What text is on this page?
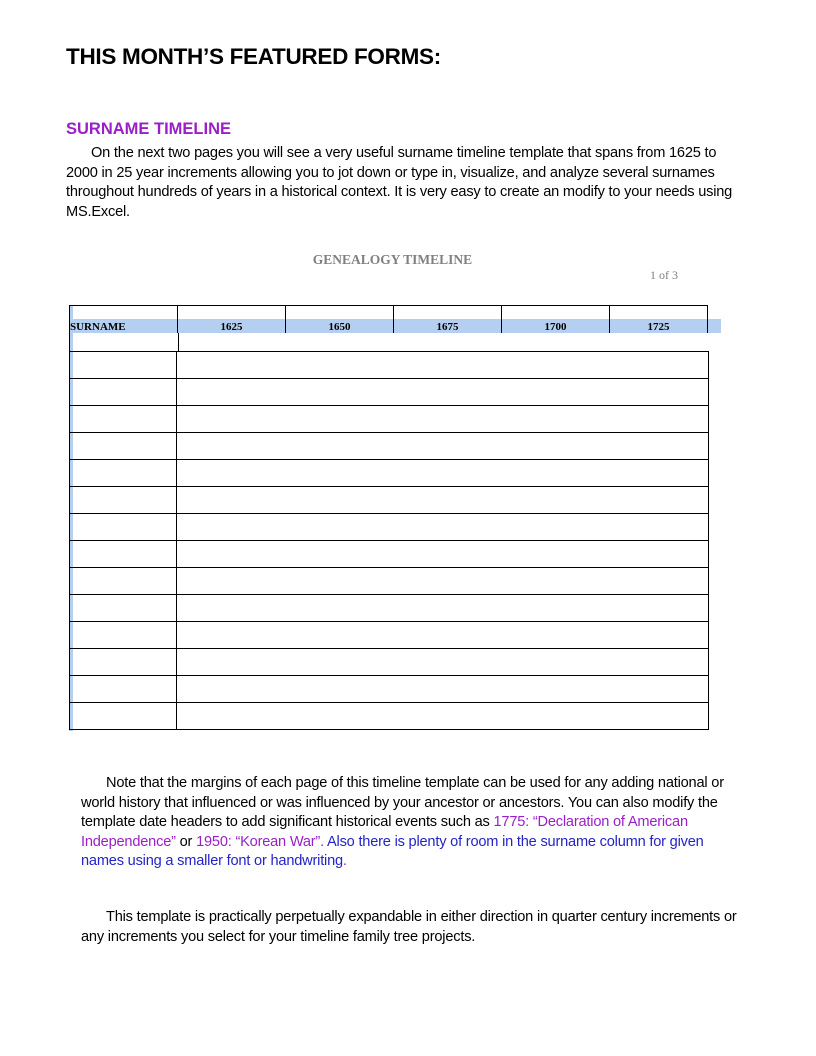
THIS MONTH’S FEATURED FORMS:
SURNAME TIMELINE

On the next two pages you will see a very useful surname timeline template that spans from 1625 to 2000 in 25 year increments allowing you to jot down or type in, visualize, and analyze several surnames throughout hundreds of years in a historical context. It is very easy to create an modify to your needs using MS.Excel.

GENEALOGY TIMELINE
1 of 3
SURNAME	1625	1650	1675	1700	1725

Note that the margins of each page of this timeline template can be used for any adding national or world history that influenced or was influenced by your ancestor or ancestors. You can also modify the template date headers to add significant historical events such as 1775: “Declaration of American Independence” or 1950: “Korean War”. Also there is plenty of room in the surname column for given names using a smaller font or handwriting.

This template is practically perpetually expandable in either direction in quarter century increments or any increments you select for your timeline family tree projects.
